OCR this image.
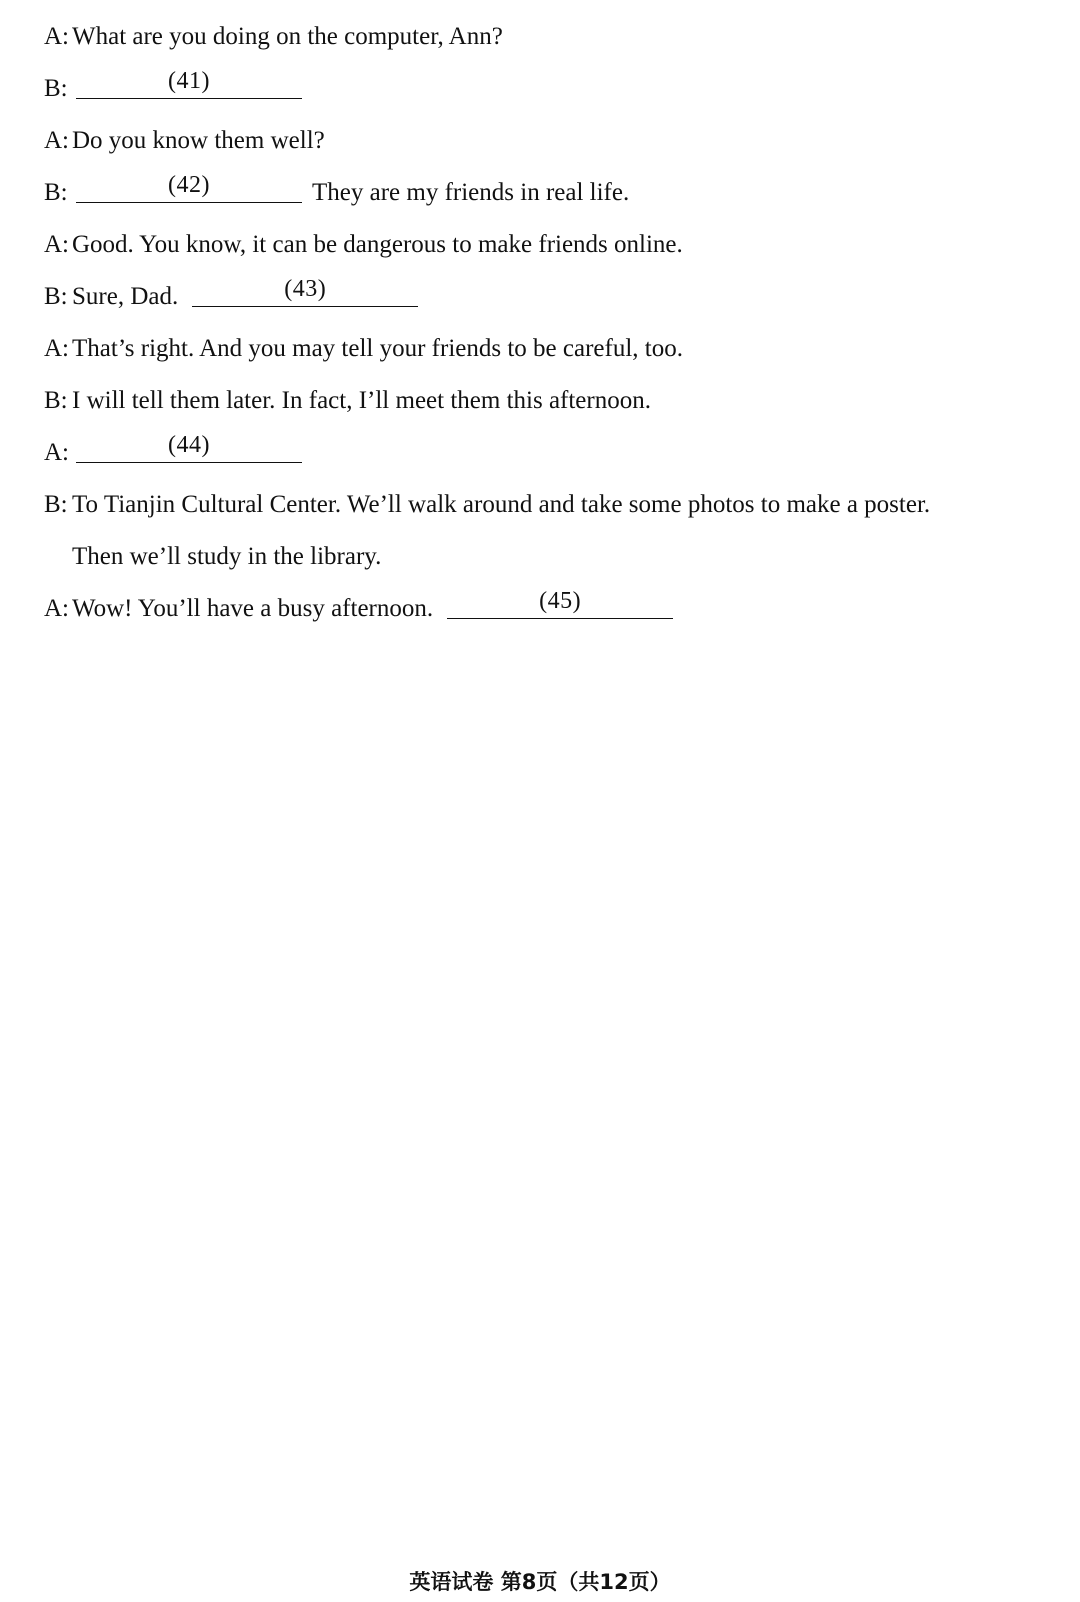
A: What are you doing on the computer, Ann?
B:	(41)
A: Do you know them well?
B:	(42)	They are my friends in real life.
A: Good. You know, it can be dangerous to make friends online.
B: Sure, Dad.	(43)
A: That’s right. And you may tell your friends to be careful, too.
B: I will tell them later. In fact, I’ll meet them this afternoon.
A:	(44)
B: To Tianjin Cultural Center. We’ll walk around and take some photos to make a poster.
Then we’ll study in the library.
A: Wow! You’ll have a busy afternoon.	(45)
英语试卷 第8页（共12页）
